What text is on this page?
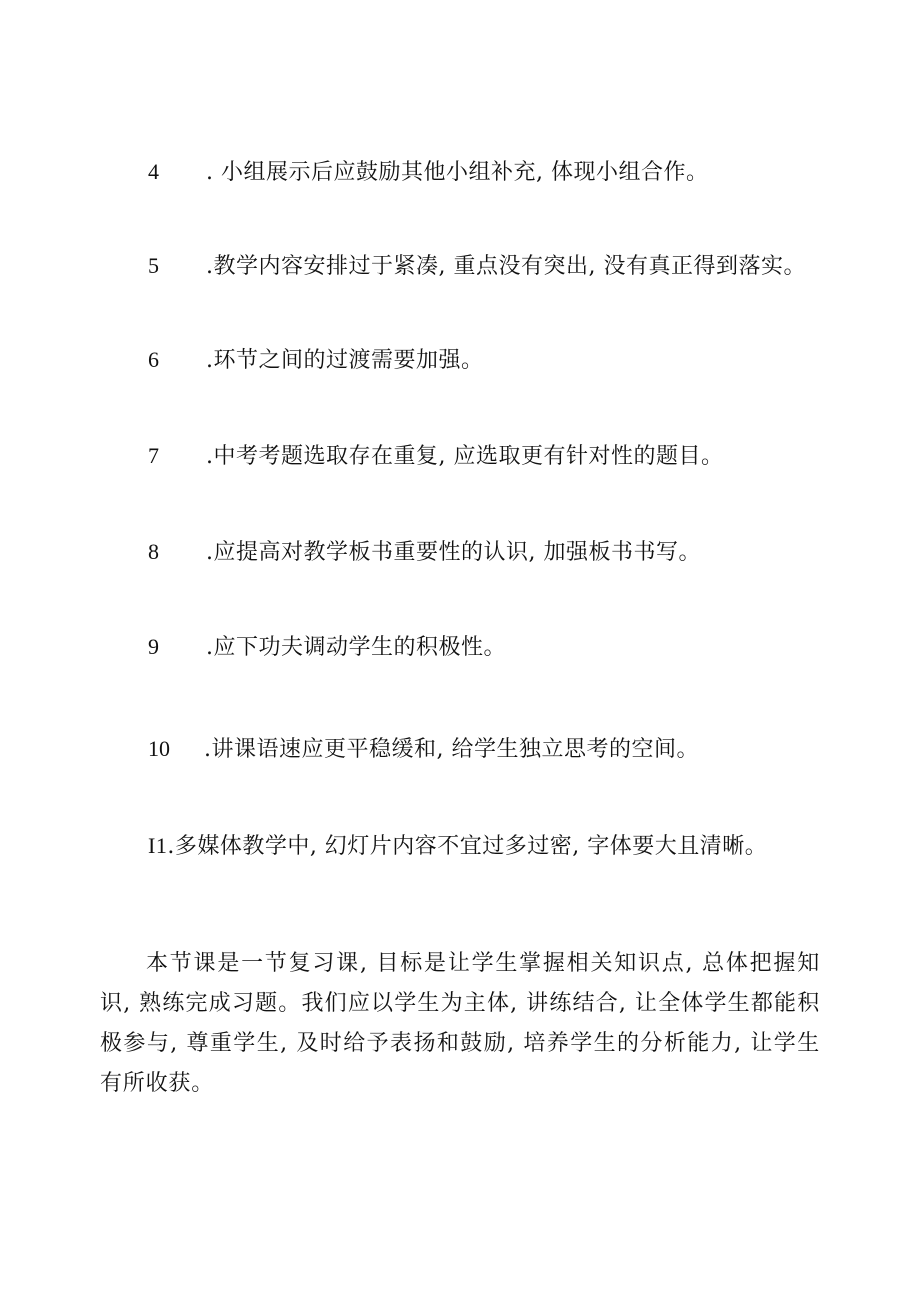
4 . 小组展示后应鼓励其他小组补充, 体现小组合作。
5 .教学内容安排过于紧凑, 重点没有突出, 没有真正得到落实。
6 .环节之间的过渡需要加强。
7 .中考考题选取存在重复, 应选取更有针对性的题目。
8 .应提高对教学板书重要性的认识, 加强板书书写。
9 .应下功夫调动学生的积极性。
10 .讲课语速应更平稳缓和, 给学生独立思考的空间。
I1.多媒体教学中, 幻灯片内容不宜过多过密, 字体要大且清晰。

本节课是一节复习课, 目标是让学生掌握相关知识点, 总体把握知识, 熟练完成习题。我们应以学生为主体, 讲练结合, 让全体学生都能积极参与, 尊重学生, 及时给予表扬和鼓励, 培养学生的分析能力, 让学生有所收获。
